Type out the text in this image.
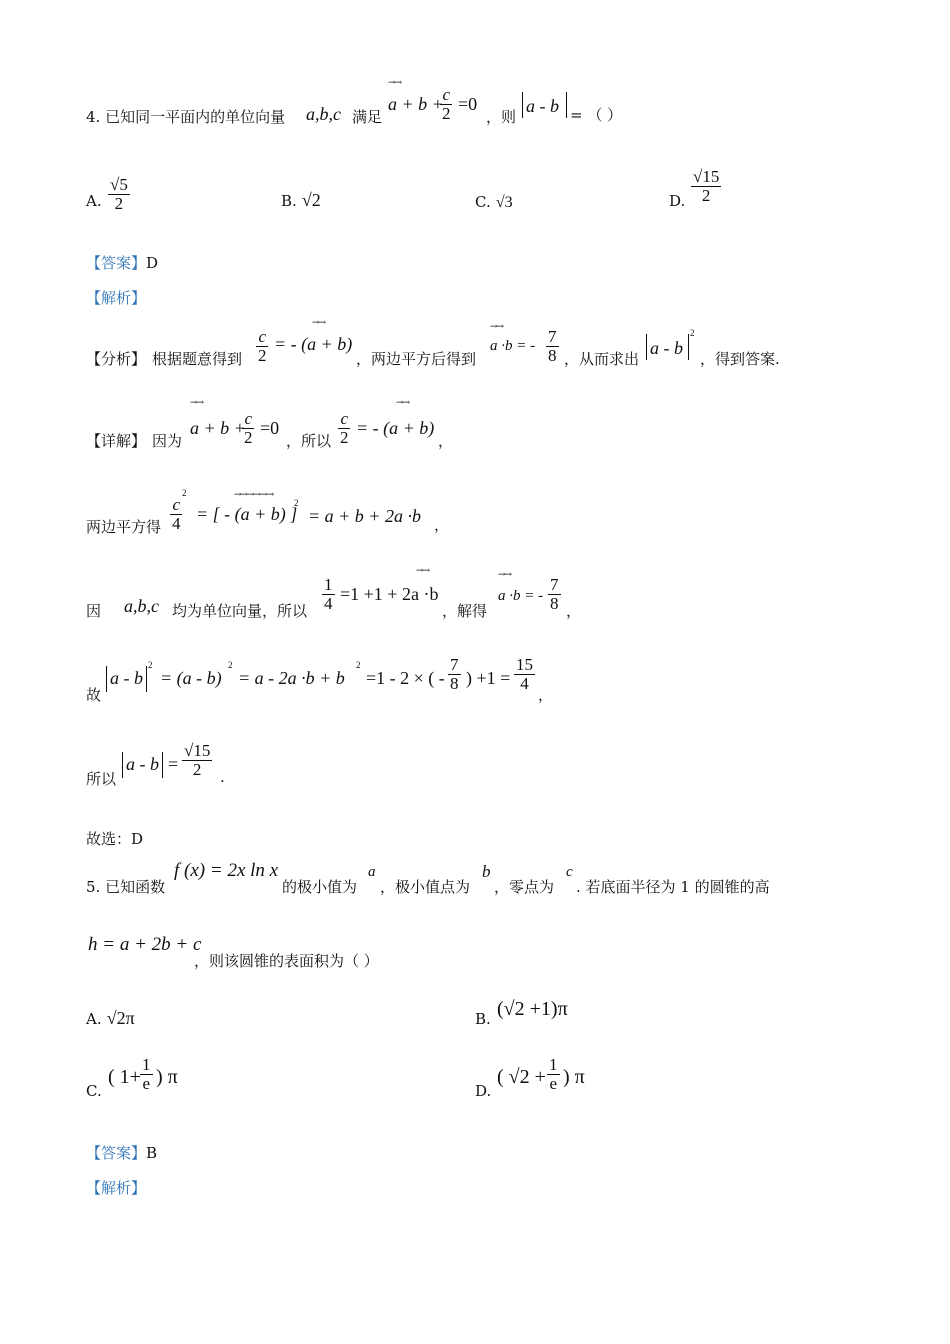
4. 已知同一平面内的单位向量 a,b,c 满足
→→
a + b +
$\frac{c}{2} =0$
，则
a - b = （ ）
A. $\frac{√5}{2}$	B. √2	C. √3	D. $\frac{√15}{2}$
【答案】D
【解析】
【分析】 根据题意得到 $\frac{c}{2}$
→→
= - (a + b)
，两边平方后得到
→→
a ·b = - $\frac{7}{8}$ ，从而求出
a - b
2
，得到答案.
【详解】 因为
→→
a + b +
$\frac{c}{2} =0$
，所以 $\frac{c}{2}$
→→
= - (a + b)
，
两边平方得 $\frac{c}{4}$
2	→→→→→→
= [ - (a + b) ]
2
= a + b + 2a ·b ，
因 a,b,c 均为单位向量，所以 $\frac{1}{4}$
→→
=1 +1 + 2a ·b
，解得
→→
a ·b = - $\frac{7}{8}$ ，
故
a - b
2
= (a - b)
2
= a - 2a ·b + b
2
=1 - 2 × ( - $\frac{7}{8}$ ) $+1 = \frac{15}{4}$
，
所以
$a - b = \frac{√15}{2}$ .
故选：D
5. 已知函数
f (x) = 2x ln x
的极小值为
a
，极小值点为
b
，零点为
c
. 若底面半径为 1 的圆锥的高
h = a + 2b + c
，则该圆锥的表面积为（ ）
A. √2π	B. (√2 +1)π
C.
( $1+ \frac{1}{e}$ ) π
D.
( $√2 + \frac{1}{e}$ ) π
【答案】B
【解析】
